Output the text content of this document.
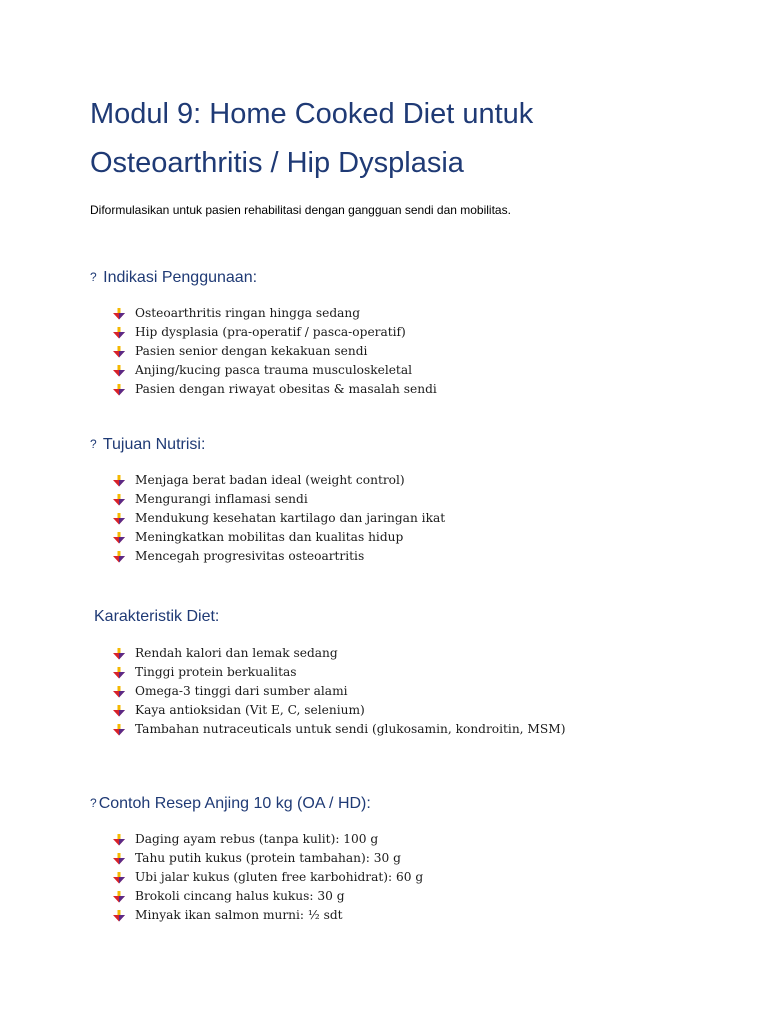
Modul 9: Home Cooked Diet untuk
Osteoarthritis / Hip Dysplasia

Diformulasikan untuk pasien rehabilitasi dengan gangguan sendi dan mobilitas.

? Indikasi Penggunaan:
Osteoarthritis ringan hingga sedang
Hip dysplasia (pra-operatif / pasca-operatif)
Pasien senior dengan kekakuan sendi
Anjing/kucing pasca trauma musculoskeletal
Pasien dengan riwayat obesitas & masalah sendi
? Tujuan Nutrisi:
Menjaga berat badan ideal (weight control)
Mengurangi inflamasi sendi
Mendukung kesehatan kartilago dan jaringan ikat
Meningkatkan mobilitas dan kualitas hidup
Mencegah progresivitas osteoartritis
Karakteristik Diet:
Rendah kalori dan lemak sedang
Tinggi protein berkualitas
Omega-3 tinggi dari sumber alami
Kaya antioksidan (Vit E, C, selenium)
Tambahan nutraceuticals untuk sendi (glukosamin, kondroitin, MSM)
? Contoh Resep Anjing 10 kg (OA / HD):
Daging ayam rebus (tanpa kulit): 100 g
Tahu putih kukus (protein tambahan): 30 g
Ubi jalar kukus (gluten free karbohidrat): 60 g
Brokoli cincang halus kukus: 30 g
Minyak ikan salmon murni: ½ sdt
